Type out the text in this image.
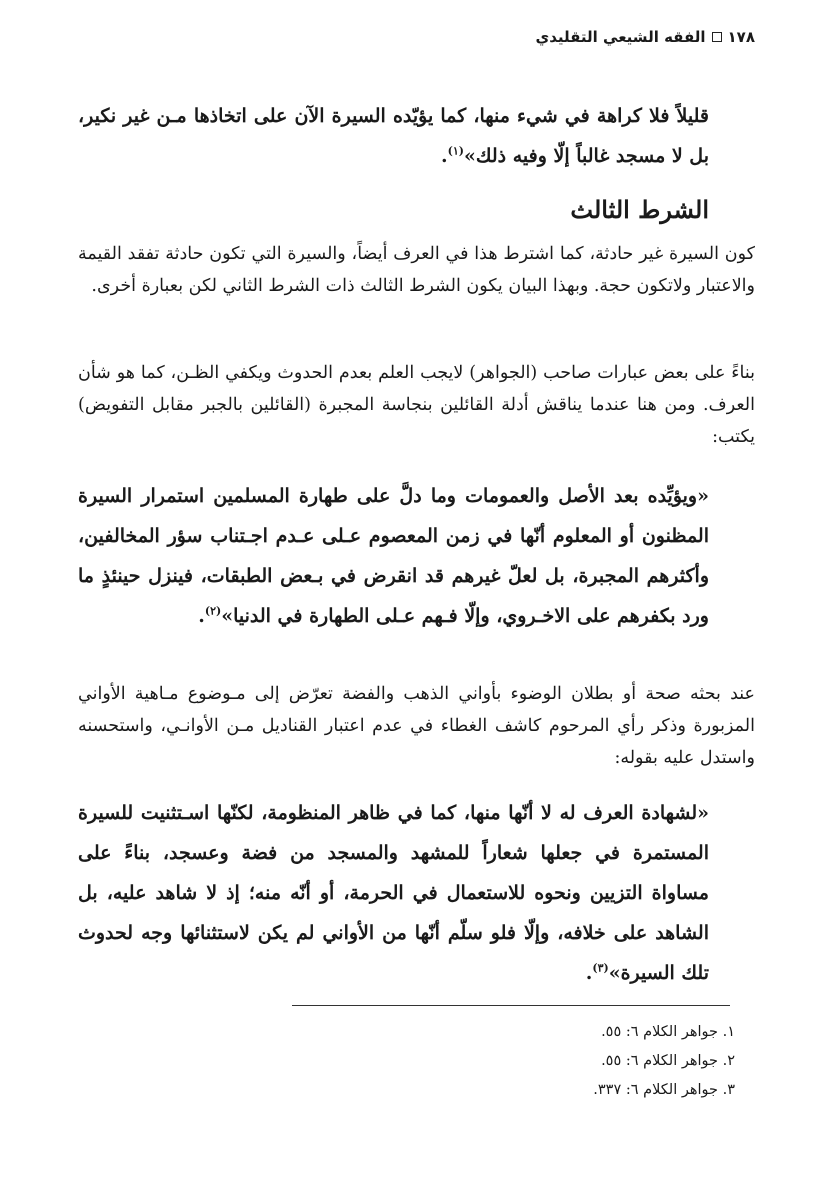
١٧٨
الفقه الشيعي التقليدي
قليلاً فلا كراهة في شيء منها، كما يؤيّده السيرة الآن على اتخاذها مـن غير نكير، بل لا مسجد غالباً إلّا وفيه ذلك»$^{(١)}$.
الشرط الثالث
كون السيرة غير حادثة، كما اشترط هذا في العرف أيضاً، والسيرة التي تكون حادثة تفقد القيمة والاعتبار ولاتكون حجة. وبهذا البيان يكون الشرط الثالث ذات الشرط الثاني لكن بعبارة أخرى.
بناءً على بعض عبارات صاحب (الجواهر) لايجب العلم بعدم الحدوث ويكفي الظـن، كما هو شأن العرف. ومن هنا عندما يناقش أدلة القائلين بنجاسة المجبرة (القائلين بالجبر مقابل التفويض) يكتب:
«ويؤيِّده بعد الأصل والعمومات وما دلَّ على طهارة المسلمين استمرار السيرة المظنون أو المعلوم أنّها في زمن المعصوم عـلى عـدم اجـتناب سؤر المخالفين، وأكثرهم المجبرة، بل لعلّ غيرهم قد انقرض في بـعض الطبقات، فينزل حينئذٍ ما ورد بكفرهم على الاخـروي، وإلّا فـهم عـلى الطهارة في الدنيا»$^{(٢)}$.
عند بحثه صحة أو بطلان الوضوء بأواني الذهب والفضة تعرّض إلى مـوضوع مـاهية الأواني المزبورة وذكر رأي المرحوم كاشف الغطاء في عدم اعتبار القناديل مـن الأوانـي، واستحسنه واستدل عليه بقوله:
«لشهادة العرف له لا أنّها منها، كما في ظاهر المنظومة، لكنّها اسـتثنيت للسيرة المستمرة في جعلها شعاراً للمشهد والمسجد من فضة وعسجد، بناءً على مساواة التزيين ونحوه للاستعمال في الحرمة، أو أنّه منه؛ إذ لا شاهد عليه، بل الشاهد على خلافه، وإلّا فلو سلّم أنّها من الأواني لم يكن لاستثنائها وجه لحدوث تلك السيرة»$^{(٣)}$.
١. جواهر الكلام ٦: ٥٥.
٢. جواهر الكلام ٦: ٥٥.
٣. جواهر الكلام ٦: ٣٣٧.
